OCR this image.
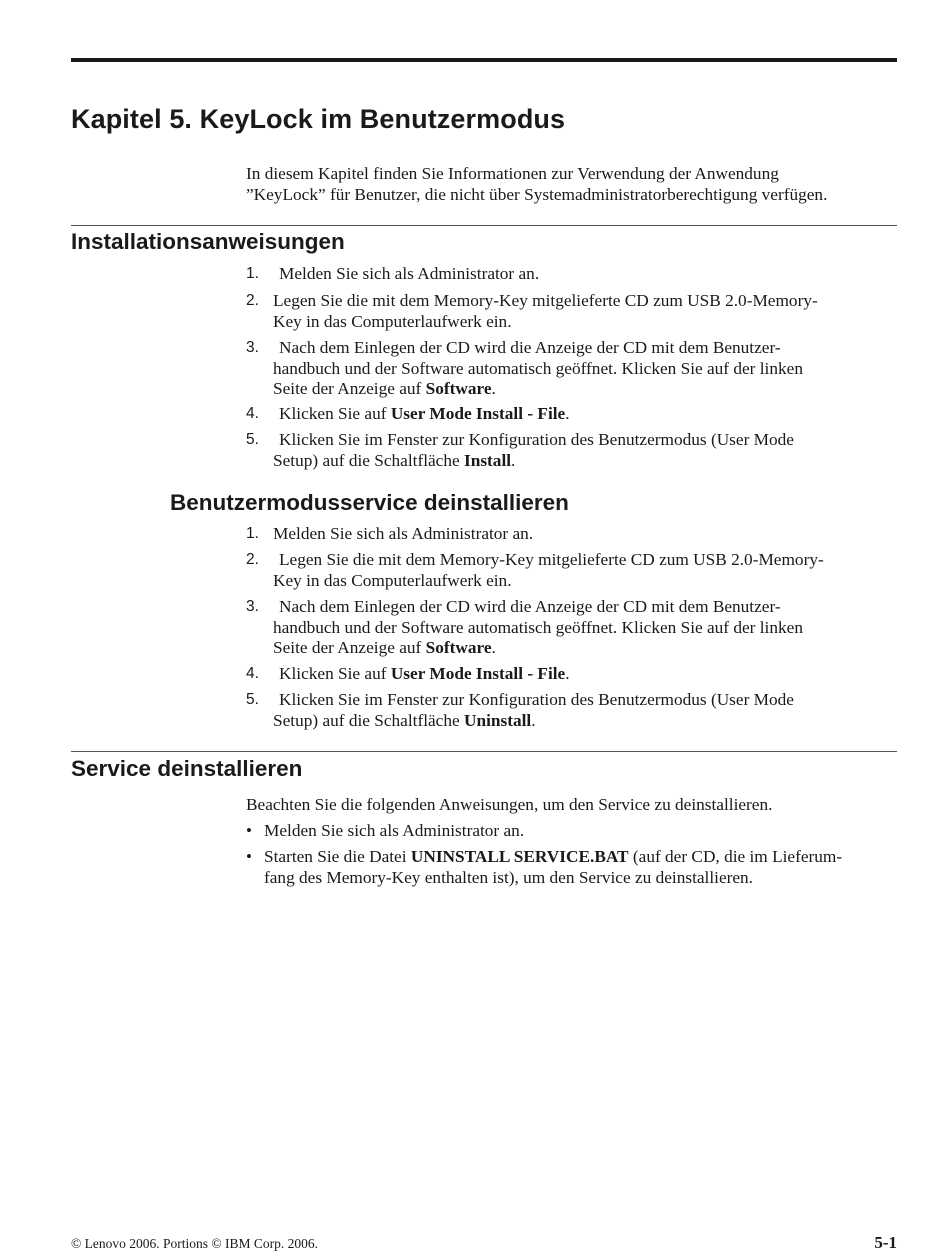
Kapitel 5. KeyLock im Benutzermodus
In diesem Kapitel finden Sie Informationen zur Verwendung der Anwendung
”KeyLock” für Benutzer, die nicht über Systemadministratorberechtigung verfügen.
Installationsanweisungen
1. Melden Sie sich als Administrator an.
2. Legen Sie die mit dem Memory-Key mitgelieferte CD zum USB 2.0-Memory-
Key in das Computerlaufwerk ein.
3. Nach dem Einlegen der CD wird die Anzeige der CD mit dem Benutzer-
handbuch und der Software automatisch geöffnet. Klicken Sie auf der linken
Seite der Anzeige auf Software.
4. Klicken Sie auf User Mode Install - File.
5. Klicken Sie im Fenster zur Konfiguration des Benutzermodus (User Mode
Setup) auf die Schaltfläche Install.
Benutzermodusservice deinstallieren
1. Melden Sie sich als Administrator an.
2. Legen Sie die mit dem Memory-Key mitgelieferte CD zum USB 2.0-Memory-
Key in das Computerlaufwerk ein.
3. Nach dem Einlegen der CD wird die Anzeige der CD mit dem Benutzer-
handbuch und der Software automatisch geöffnet. Klicken Sie auf der linken
Seite der Anzeige auf Software.
4. Klicken Sie auf User Mode Install - File.
5. Klicken Sie im Fenster zur Konfiguration des Benutzermodus (User Mode
Setup) auf die Schaltfläche Uninstall.
Service deinstallieren
Beachten Sie die folgenden Anweisungen, um den Service zu deinstallieren.
• Melden Sie sich als Administrator an.
• Starten Sie die Datei UNINSTALL SERVICE.BAT (auf der CD, die im Lieferum-
fang des Memory-Key enthalten ist), um den Service zu deinstallieren.
© Lenovo 2006. Portions © IBM Corp. 2006.	5-1
